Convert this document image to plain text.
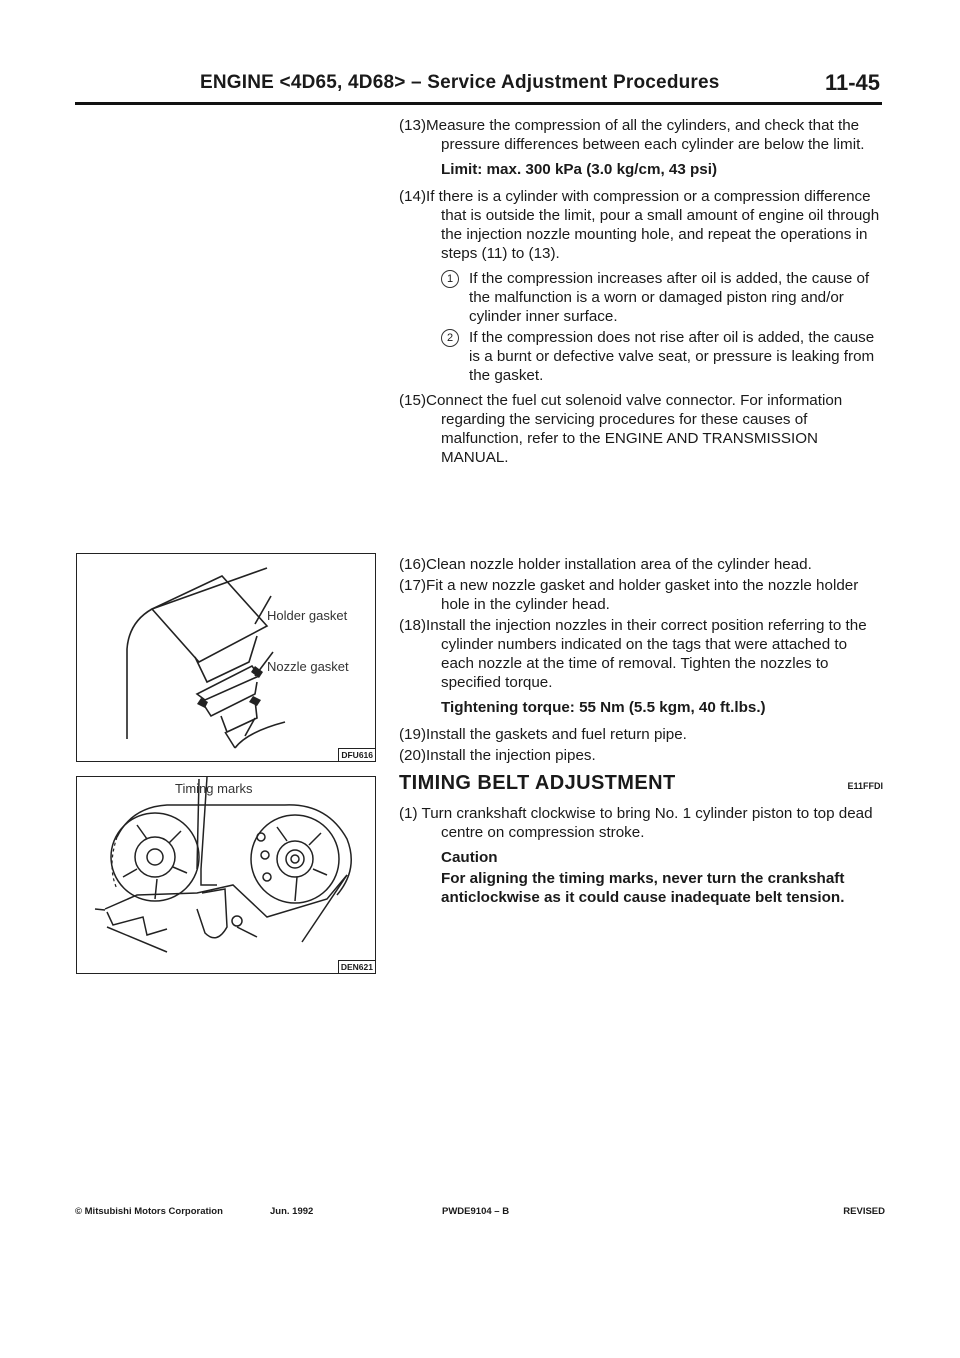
ENGINE <4D65, 4D68> – Service Adjustment Procedures	11-45

(13)Measure the compression of all the cylinders, and check that the pressure differences between each cylinder are below the limit.

Limit: max. 300 kPa (3.0 kg/cm, 43 psi)

(14)If there is a cylinder with compression or a compression difference that is outside the limit, pour a small amount of engine oil through the injection nozzle mounting hole, and repeat the operations in steps (11) to (13).

1 If the compression increases after oil is added, the cause of the malfunction is a worn or damaged piston ring and/or cylinder inner surface.

2 If the compression does not rise after oil is added, the cause is a burnt or defective valve seat, or pressure is leaking from the gasket.

(15)Connect the fuel cut solenoid valve connector. For information regarding the servicing procedures for these causes of malfunction, refer to the ENGINE AND TRANSMISSION MANUAL.

(16)Clean nozzle holder installation area of the cylinder head.

(17)Fit a new nozzle gasket and holder gasket into the nozzle holder hole in the cylinder head.

(18)Install the injection nozzles in their correct position referring to the cylinder numbers indicated on the tags that were attached to each nozzle at the time of removal. Tighten the nozzles to specified torque.

Tightening torque: 55 Nm (5.5 kgm, 40 ft.lbs.)

(19)Install the gaskets and fuel return pipe.

(20)Install the injection pipes.

TIMING BELT ADJUSTMENT	E11FFDI

(1) Turn crankshaft clockwise to bring No. 1 cylinder piston to top dead centre on compression stroke.

Caution

For aligning the timing marks, never turn the crankshaft anticlockwise as it could cause inadequate belt tension.

Holder gasket
Nozzle gasket
DFU616
Timing marks
DEN621
© Mitsubishi Motors Corporation	Jun. 1992	PWDE9104 – B	REVISED
